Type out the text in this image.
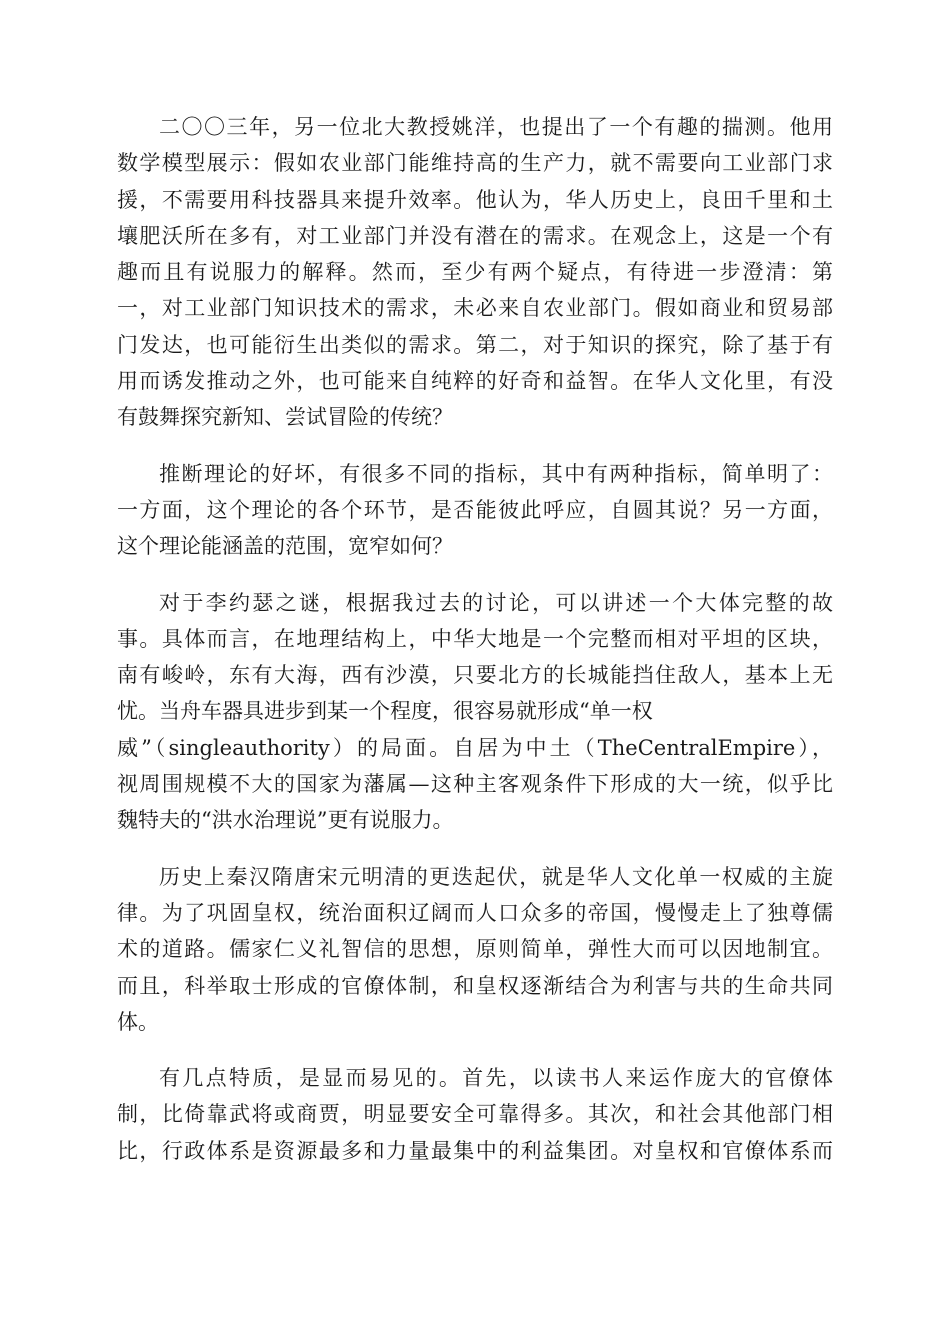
二〇〇三年，另一位北大教授姚洋，也提出了一个有趣的揣测。他用
数学模型展示：假如农业部门能维持高的生产力，就不需要向工业部门求
援，不需要用科技器具来提升效率。他认为，华人历史上，良田千里和土
壤肥沃所在多有，对工业部门并没有潜在的需求。在观念上，这是一个有
趣而且有说服力的解释。然而，至少有两个疑点，有待进一步澄清：第
一，对工业部门知识技术的需求，未必来自农业部门。假如商业和贸易部
门发达，也可能衍生出类似的需求。第二，对于知识的探究，除了基于有
用而诱发推动之外，也可能来自纯粹的好奇和益智。在华人文化里，有没
有鼓舞探究新知、尝试冒险的传统？
推断理论的好坏，有很多不同的指标，其中有两种指标，简单明了：
一方面，这个理论的各个环节，是否能彼此呼应，自圆其说？另一方面，
这个理论能涵盖的范围，宽窄如何？
对于李约瑟之谜，根据我过去的讨论，可以讲述一个大体完整的故
事。具体而言，在地理结构上，中华大地是一个完整而相对平坦的区块，
南有峻岭，东有大海，西有沙漠，只要北方的长城能挡住敌人，基本上无
忧。当舟车器具进步到某一个程度，很容易就形成“单一权
威”（singleauthority）的局面。自居为中土（TheCentralEmpire），
视周围规模不大的国家为藩属—这种主客观条件下形成的大一统，似乎比
魏特夫的“洪水治理说”更有说服力。
历史上秦汉隋唐宋元明清的更迭起伏，就是华人文化单一权威的主旋
律。为了巩固皇权，统治面积辽阔而人口众多的帝国，慢慢走上了独尊儒
术的道路。儒家仁义礼智信的思想，原则简单，弹性大而可以因地制宜。
而且，科举取士形成的官僚体制，和皇权逐渐结合为利害与共的生命共同
体。
有几点特质，是显而易见的。首先，以读书人来运作庞大的官僚体
制，比倚靠武将或商贾，明显要安全可靠得多。其次，和社会其他部门相
比，行政体系是资源最多和力量最集中的利益集团。对皇权和官僚体系而
